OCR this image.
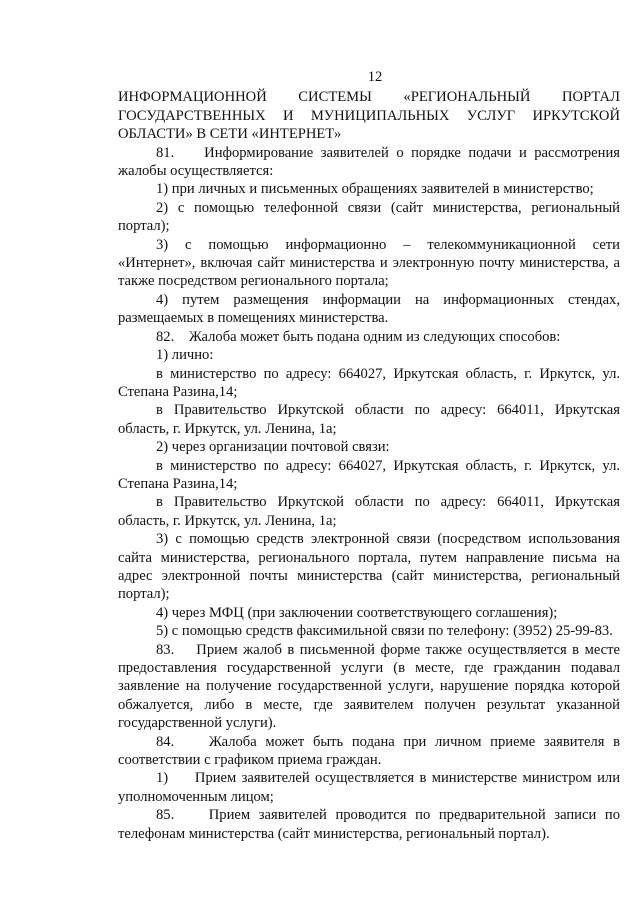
12

ИНФОРМАЦИОННОЙ СИСТЕМЫ «РЕГИОНАЛЬНЫЙ ПОРТАЛ ГОСУДАРСТВЕННЫХ И МУНИЦИПАЛЬНЫХ УСЛУГ ИРКУТСКОЙ ОБЛАСТИ» В СЕТИ «ИНТЕРНЕТ»

81.    Информирование заявителей о порядке подачи и рассмотрения жалобы осуществляется:

1) при личных и письменных обращениях заявителей в министерство;

2) с помощью телефонной связи (сайт министерства, региональный портал);

3) с помощью информационно – телекоммуникационной сети «Интернет», включая сайт министерства и электронную почту министерства, а также посредством регионального портала;

4) путем размещения информации на информационных стендах, размещаемых в помещениях министерства.

82.    Жалоба может быть подана одним из следующих способов:

1) лично:

в министерство по адресу: 664027, Иркутская область, г. Иркутск, ул. Степана Разина,14;

в Правительство Иркутской области по адресу: 664011, Иркутская область, г. Иркутск, ул. Ленина, 1а;

2) через организации почтовой связи:

в министерство по адресу: 664027, Иркутская область, г. Иркутск, ул. Степана Разина,14;

в Правительство Иркутской области по адресу: 664011, Иркутская область, г. Иркутск, ул. Ленина, 1а;

3) с помощью средств электронной связи (посредством использования сайта министерства, регионального портала, путем направление письма на адрес электронной почты министерства (сайт министерства, региональный портал);

4) через МФЦ (при заключении соответствующего соглашения);

5) с помощью средств факсимильной связи по телефону: (3952) 25-99-83.

83.    Прием жалоб в письменной форме также осуществляется в месте предоставления государственной услуги (в месте, где гражданин подавал заявление на получение государственной услуги, нарушение порядка которой обжалуется, либо в месте, где заявителем получен результат указанной государственной услуги).

84.    Жалоба может быть подана при личном приеме заявителя в соответствии с графиком приема граждан.

1)     Прием заявителей осуществляется в министерстве министром или уполномоченным лицом;

85.    Прием заявителей проводится по предварительной записи по телефонам министерства (сайт министерства, региональный портал).
